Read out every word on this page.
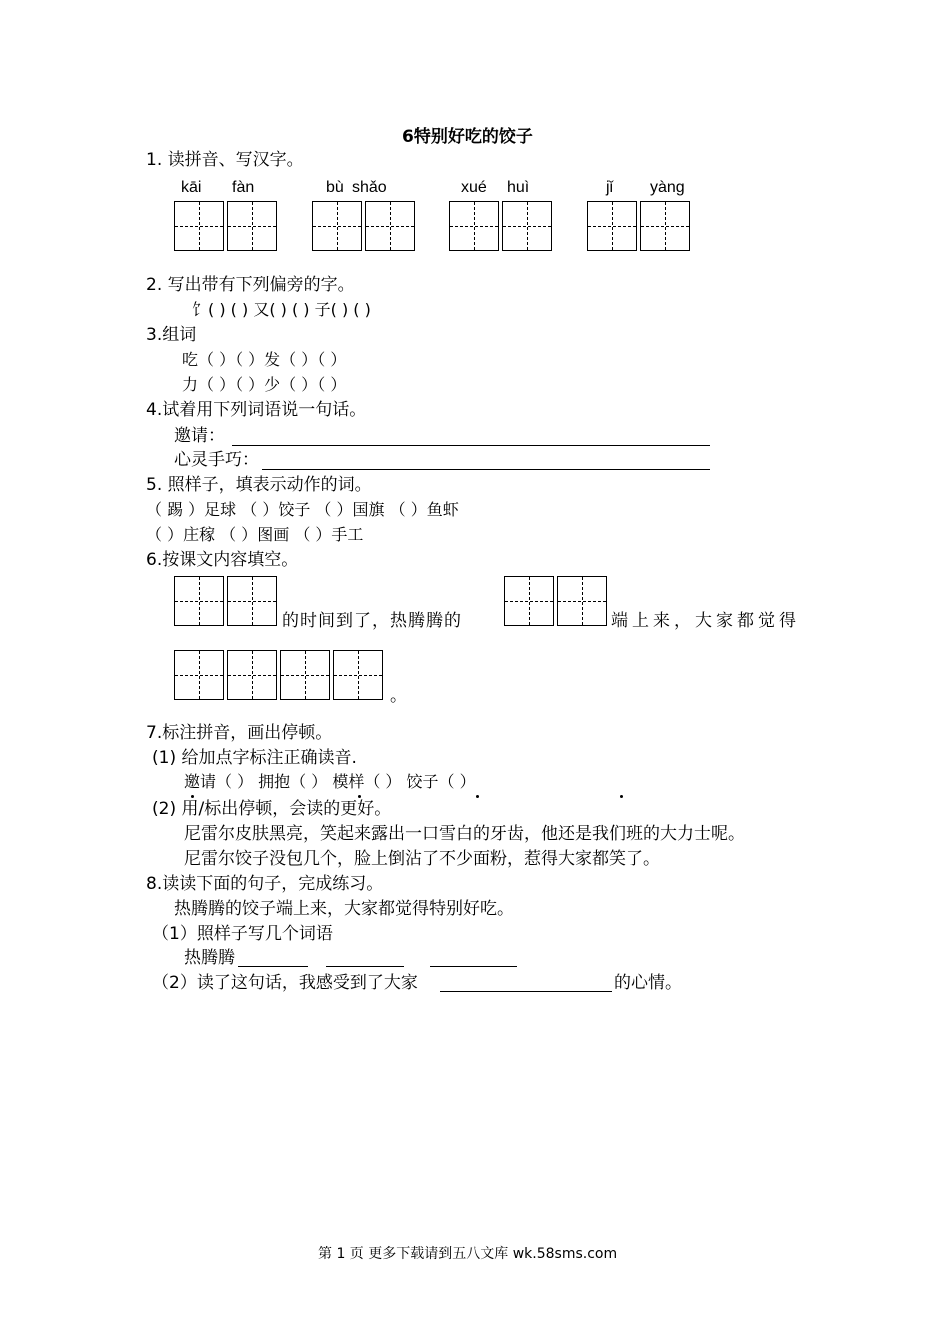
6特别好吃的饺子
1. 读拼音、写汉字。
kāi fàn	bù shǎo	xué huì	jǐ yàng
2. 写出带有下列偏旁的字。
饣( ) ( ) 又( ) ( ) 子( ) ( )
3.组词
吃（ ）（ ）发（ ）（ ）
力（ ）（ ）少（ ）（ ）
4.试着用下列词语说一句话。
邀请：
心灵手巧：
5. 照样子，填表示动作的词。
（ 踢 ）足球 （ ）饺子 （ ）国旗 （ ）鱼虾
（ ）庄稼 （ ）图画 （ ）手工
6.按课文内容填空。
的时间到了，热腾腾的	端上来，大家都觉得
。
7.标注拼音，画出停顿。
(1) 给加点字标注正确读音.
邀请（ ） 拥抱（ ） 模样（ ） 饺子（ ）
(2) 用/标出停顿，会读的更好。
尼雷尔皮肤黑亮，笑起来露出一口雪白的牙齿，他还是我们班的大力士呢。
尼雷尔饺子没包几个，脸上倒沾了不少面粉，惹得大家都笑了。
8.读读下面的句子，完成练习。
热腾腾的饺子端上来，大家都觉得特别好吃。
（1）照样子写几个词语
热腾腾
（2）读了这句话，我感受到了大家	的心情。
第 1 页 更多下载请到五八文库 wk.58sms.com
